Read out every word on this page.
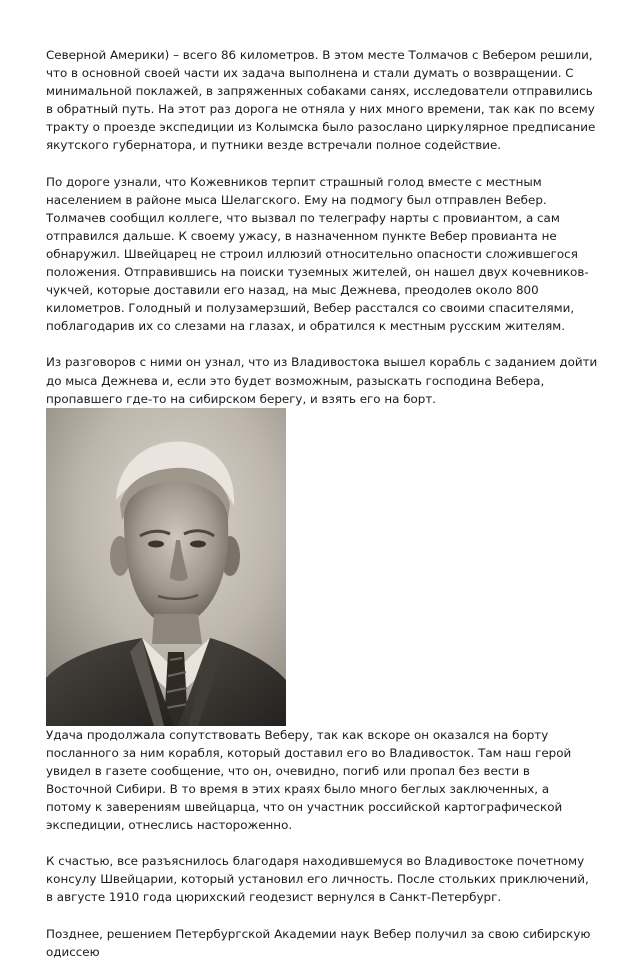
Северной Америки) – всего 86 километров. В этом месте Толмачов с Вебером решили, что в основной своей части их задача выполнена и стали думать о возвращении. С минимальной поклажей, в запряженных собаками санях, исследователи отправились в обратный путь. На этот раз дорога не отняла у них много времени, так как по всему тракту о проезде экспедиции из Колымска было разослано циркулярное предписание якутского губернатора, и путники везде встречали полное содействие.

По дороге узнали, что Кожевников терпит страшный голод вместе с местным населением в районе мыса Шелагского. Ему на подмогу был отправлен Вебер. Толмачев сообщил коллеге, что вызвал по телеграфу нарты с провиантом, а сам отправился дальше. К своему ужасу, в назначенном пункте Вебер провианта не обнаружил. Швейцарец не строил иллюзий относительно опасности сложившегося положения. Отправившись на поиски туземных жителей, он нашел двух кочевников-чукчей, которые доставили его назад, на мыс Дежнева, преодолев около 800 километров. Голодный и полузамерзший, Вебер расстался со своими спасителями, поблагодарив их со слезами на глазах, и обратился к местным русским жителям.

Из разговоров с ними он узнал, что из Владивостока вышел корабль с заданием дойти до мыса Дежнева и, если это будет возможным, разыскать господина Вебера, пропавшего где-то на сибирском берегу, и взять его на борт.

Удача продолжала сопутствовать Веберу, так как вскоре он оказался на борту посланного за ним корабля, который доставил его во Владивосток. Там наш герой увидел в газете сообщение, что он, очевидно, погиб или пропал без вести в Восточной Сибири. В то время в этих краях было много беглых заключенных, а потому к заверениям швейцарца, что он участник российской картографической экспедиции, отнеслись настороженно.

К счастью, все разъяснилось благодаря находившемуся во Владивостоке почетному консулу Швейцарии, который установил его личность. После стольких приключений, в августе 1910 года цюрихский геодезист вернулся в Санкт-Петербург.

Позднее, решением Петербургской Академии наук Вебер получил за свою сибирскую одиссею
